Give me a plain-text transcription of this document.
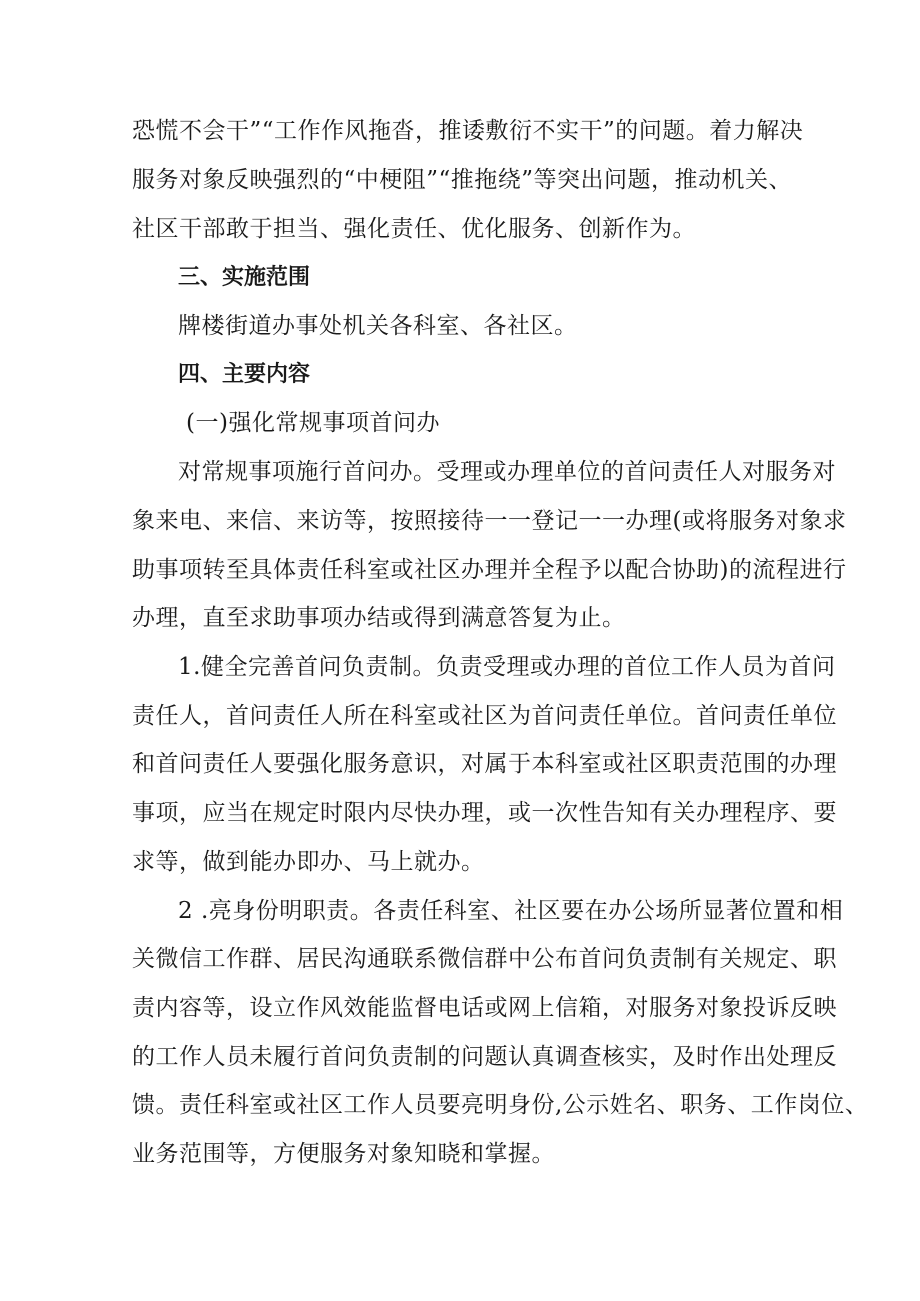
恐慌不会干”“工作作风拖沓，推诿敷衍不实干”的问题。着力解决
服务对象反映强烈的“中梗阻”“推拖绕”等突出问题，推动机关、
社区干部敢于担当、强化责任、优化服务、创新作为。
三、实施范围
牌楼街道办事处机关各科室、各社区。
四、主要内容
(一)强化常规事项首问办
对常规事项施行首问办。受理或办理单位的首问责任人对服务对
象来电、来信、来访等，按照接待一一登记一一办理(或将服务对象求
助事项转至具体责任科室或社区办理并全程予以配合协助)的流程进行
办理，直至求助事项办结或得到满意答复为止。
1.健全完善首问负责制。负责受理或办理的首位工作人员为首问
责任人，首问责任人所在科室或社区为首问责任单位。首问责任单位
和首问责任人要强化服务意识，对属于本科室或社区职责范围的办理
事项，应当在规定时限内尽快办理，或一次性告知有关办理程序、要
求等，做到能办即办、马上就办。
2 .亮身份明职责。各责任科室、社区要在办公场所显著位置和相
关微信工作群、居民沟通联系微信群中公布首问负责制有关规定、职
责内容等，设立作风效能监督电话或网上信箱，对服务对象投诉反映
的工作人员未履行首问负责制的问题认真调查核实，及时作出处理反
馈。责任科室或社区工作人员要亮明身份,公示姓名、职务、工作岗位、
业务范围等，方便服务对象知晓和掌握。
